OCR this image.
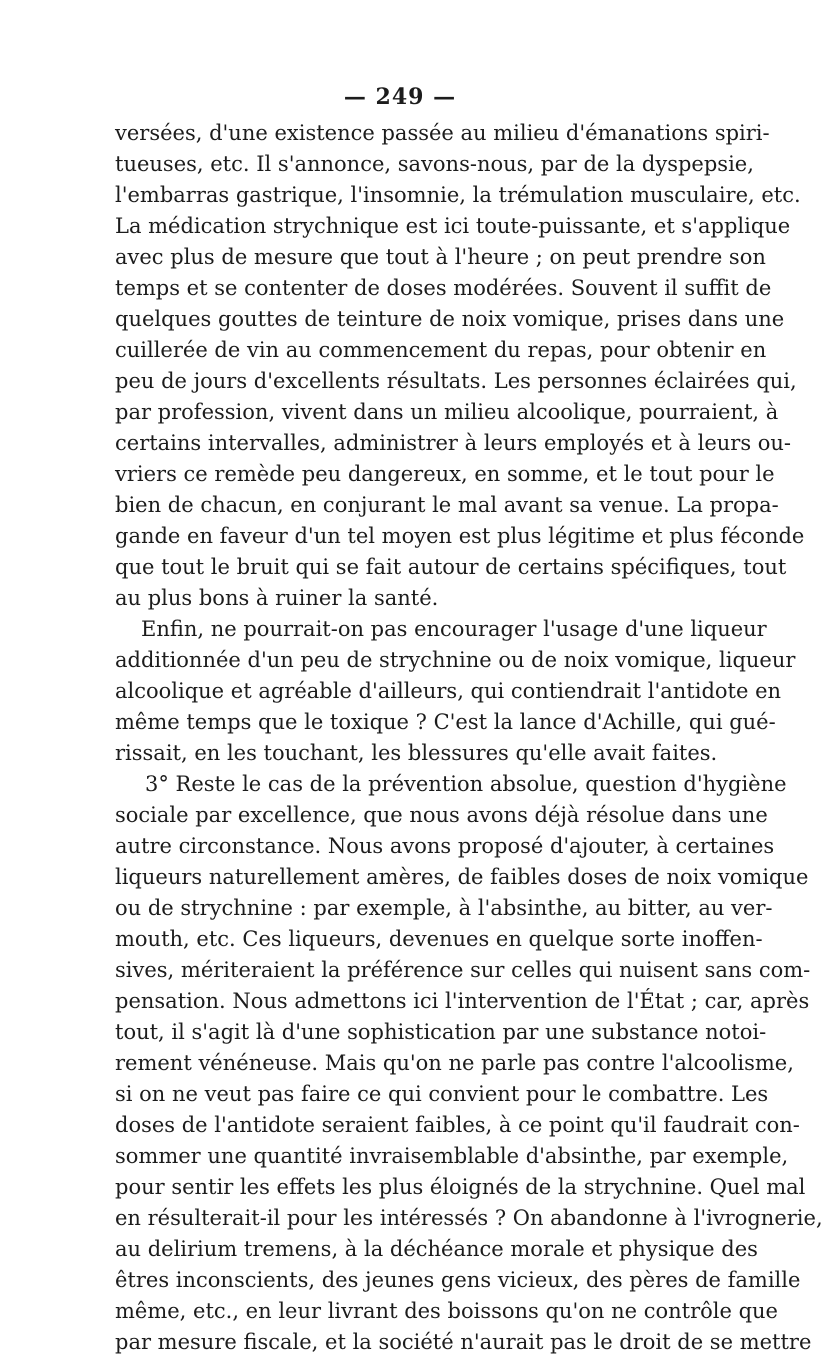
— 249 —
versées, d'une existence passée au milieu d'émanations spiri-
tueuses, etc. Il s'annonce, savons-nous, par de la dyspepsie,
l'embarras gastrique, l'insomnie, la trémulation musculaire, etc.
La médication strychnique est ici toute-puissante, et s'applique
avec plus de mesure que tout à l'heure ; on peut prendre son
temps et se contenter de doses modérées. Souvent il suffit de
quelques gouttes de teinture de noix vomique, prises dans une
cuillerée de vin au commencement du repas, pour obtenir en
peu de jours d'excellents résultats. Les personnes éclairées qui,
par profession, vivent dans un milieu alcoolique, pourraient, à
certains intervalles, administrer à leurs employés et à leurs ou-
vriers ce remède peu dangereux, en somme, et le tout pour le
bien de chacun, en conjurant le mal avant sa venue. La propa-
gande en faveur d'un tel moyen est plus légitime et plus féconde
que tout le bruit qui se fait autour de certains spécifiques, tout
au plus bons à ruiner la santé.
Enfin, ne pourrait-on pas encourager l'usage d'une liqueur
additionnée d'un peu de strychnine ou de noix vomique, liqueur
alcoolique et agréable d'ailleurs, qui contiendrait l'antidote en
même temps que le toxique ? C'est la lance d'Achille, qui gué-
rissait, en les touchant, les blessures qu'elle avait faites.
3° Reste le cas de la prévention absolue, question d'hygiène
sociale par excellence, que nous avons déjà résolue dans une
autre circonstance. Nous avons proposé d'ajouter, à certaines
liqueurs naturellement amères, de faibles doses de noix vomique
ou de strychnine : par exemple, à l'absinthe, au bitter, au ver-
mouth, etc. Ces liqueurs, devenues en quelque sorte inoffen-
sives, mériteraient la préférence sur celles qui nuisent sans com-
pensation. Nous admettons ici l'intervention de l'État ; car, après
tout, il s'agit là d'une sophistication par une substance notoi-
rement vénéneuse. Mais qu'on ne parle pas contre l'alcoolisme,
si on ne veut pas faire ce qui convient pour le combattre. Les
doses de l'antidote seraient faibles, à ce point qu'il faudrait con-
sommer une quantité invraisemblable d'absinthe, par exemple,
pour sentir les effets les plus éloignés de la strychnine. Quel mal
en résulterait-il pour les intéressés ? On abandonne à l'ivrognerie,
au delirium tremens, à la déchéance morale et physique des
êtres inconscients, des jeunes gens vicieux, des pères de famille
même, etc., en leur livrant des boissons qu'on ne contrôle que
par mesure fiscale, et la société n'aurait pas le droit de se mettre
